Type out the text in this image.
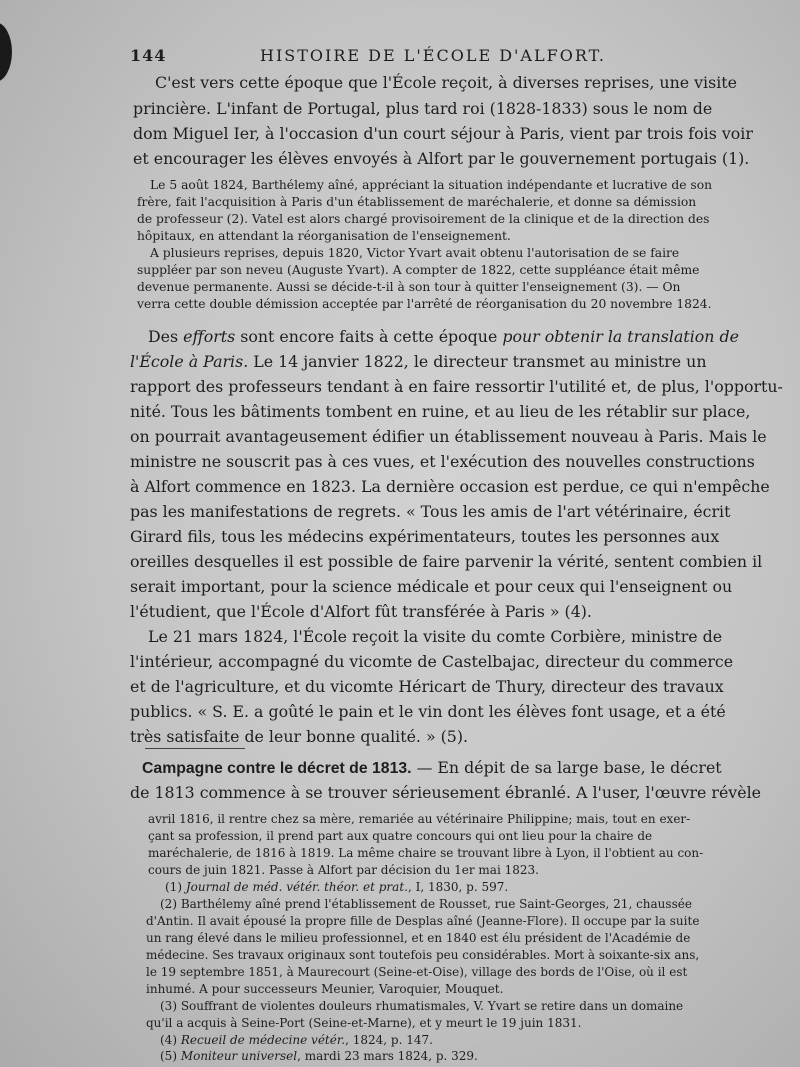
144	HISTOIRE DE L'ÉCOLE D'ALFORT.
C'est vers cette époque que l'École reçoit, à diverses reprises, une visite
princière. L'infant de Portugal, plus tard roi (1828-1833) sous le nom de
dom Miguel Ier, à l'occasion d'un court séjour à Paris, vient par trois fois voir
et encourager les élèves envoyés à Alfort par le gouvernement portugais (1).
Le 5 août 1824, Barthélemy aîné, appréciant la situation indépendante et lucrative de son
frère, fait l'acquisition à Paris d'un établissement de maréchalerie, et donne sa démission
de professeur (2). Vatel est alors chargé provisoirement de la clinique et de la direction des
hôpitaux, en attendant la réorganisation de l'enseignement.
A plusieurs reprises, depuis 1820, Victor Yvart avait obtenu l'autorisation de se faire
suppléer par son neveu (Auguste Yvart). A compter de 1822, cette suppléance était même
devenue permanente. Aussi se décide-t-il à son tour à quitter l'enseignement (3). — On
verra cette double démission acceptée par l'arrêté de réorganisation du 20 novembre 1824.
Des efforts sont encore faits à cette époque pour obtenir la translation de
l'École à Paris. Le 14 janvier 1822, le directeur transmet au ministre un
rapport des professeurs tendant à en faire ressortir l'utilité et, de plus, l'opportu-
nité. Tous les bâtiments tombent en ruine, et au lieu de les rétablir sur place,
on pourrait avantageusement édifier un établissement nouveau à Paris. Mais le
ministre ne souscrit pas à ces vues, et l'exécution des nouvelles constructions
à Alfort commence en 1823. La dernière occasion est perdue, ce qui n'empêche
pas les manifestations de regrets. « Tous les amis de l'art vétérinaire, écrit
Girard fils, tous les médecins expérimentateurs, toutes les personnes aux
oreilles desquelles il est possible de faire parvenir la vérité, sentent combien il
serait important, pour la science médicale et pour ceux qui l'enseignent ou
l'étudient, que l'École d'Alfort fût transférée à Paris » (4).
Le 21 mars 1824, l'École reçoit la visite du comte Corbière, ministre de
l'intérieur, accompagné du vicomte de Castelbajac, directeur du commerce
et de l'agriculture, et du vicomte Héricart de Thury, directeur des travaux
publics. « S. E. a goûté le pain et le vin dont les élèves font usage, et a été
très satisfaite de leur bonne qualité. » (5).
Campagne contre le décret de 1813. — En dépit de sa large base, le décret
de 1813 commence à se trouver sérieusement ébranlé. A l'user, l'œuvre révèle
avril 1816, il rentre chez sa mère, remariée au vétérinaire Philippine; mais, tout en exer-
çant sa profession, il prend part aux quatre concours qui ont lieu pour la chaire de
maréchalerie, de 1816 à 1819. La même chaire se trouvant libre à Lyon, il l'obtient au con-
cours de juin 1821. Passe à Alfort par décision du 1er mai 1823.
(1) Journal de méd. vétér. théor. et prat., I, 1830, p. 597.
(2) Barthélemy aîné prend l'établissement de Rousset, rue Saint-Georges, 21, chaussée
d'Antin. Il avait épousé la propre fille de Desplas aîné (Jeanne-Flore). Il occupe par la suite
un rang élevé dans le milieu professionnel, et en 1840 est élu président de l'Académie de
médecine. Ses travaux originaux sont toutefois peu considérables. Mort à soixante-six ans,
le 19 septembre 1851, à Maurecourt (Seine-et-Oise), village des bords de l'Oise, où il est
inhumé. A pour successeurs Meunier, Varoquier, Mouquet.
(3) Souffrant de violentes douleurs rhumatismales, V. Yvart se retire dans un domaine
qu'il a acquis à Seine-Port (Seine-et-Marne), et y meurt le 19 juin 1831.
(4) Recueil de médecine vétér., 1824, p. 147.
(5) Moniteur universel, mardi 23 mars 1824, p. 329.
